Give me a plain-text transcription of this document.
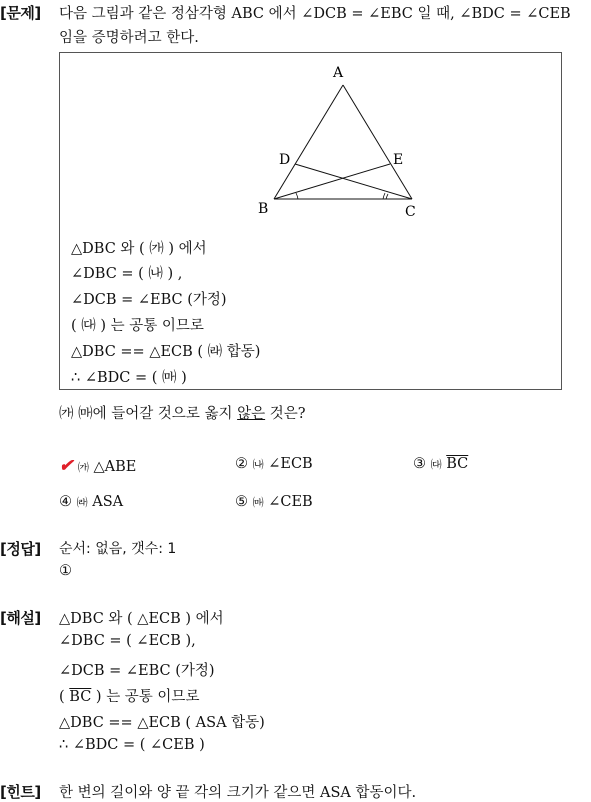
[문제] 다음 그림과 같은 정삼각형 ABC 에서 ∠DCB = ∠EBC 일 때, ∠BDC = ∠CEB
임을 증명하려고 한다.
A
D	E
B	C
△DBC 와 ( ㈎ ) 에서
∠DBC = ( ㈏ ) ,
∠DCB = ∠EBC (가정)
( ㈐ ) 는 공통 이므로
△DBC == △ECB ( ㈑ 합동)
∴ ∠BDC = ( ㈒ )
㈎ ㈒에 들어갈 것으로 옳지 않은 것은?
✔ ㈎ △ABE	② ㈏ ∠ECB	③ ㈐ $\overline{BC}$
④ ㈑ ASA	⑤ ㈒ ∠CEB
[정답] 순서: 없음, 갯수: 1
①
[해설] △DBC 와 ( △ECB ) 에서
∠DBC = ( ∠ECB ),
∠DCB = ∠EBC (가정)
( $\overline{BC}$ ) 는 공통 이므로
△DBC == △ECB ( ASA 합동)
∴ ∠BDC = ( ∠CEB )
[힌트] 한 변의 길이와 양 끝 각의 크기가 같으면 ASA 합동이다.
